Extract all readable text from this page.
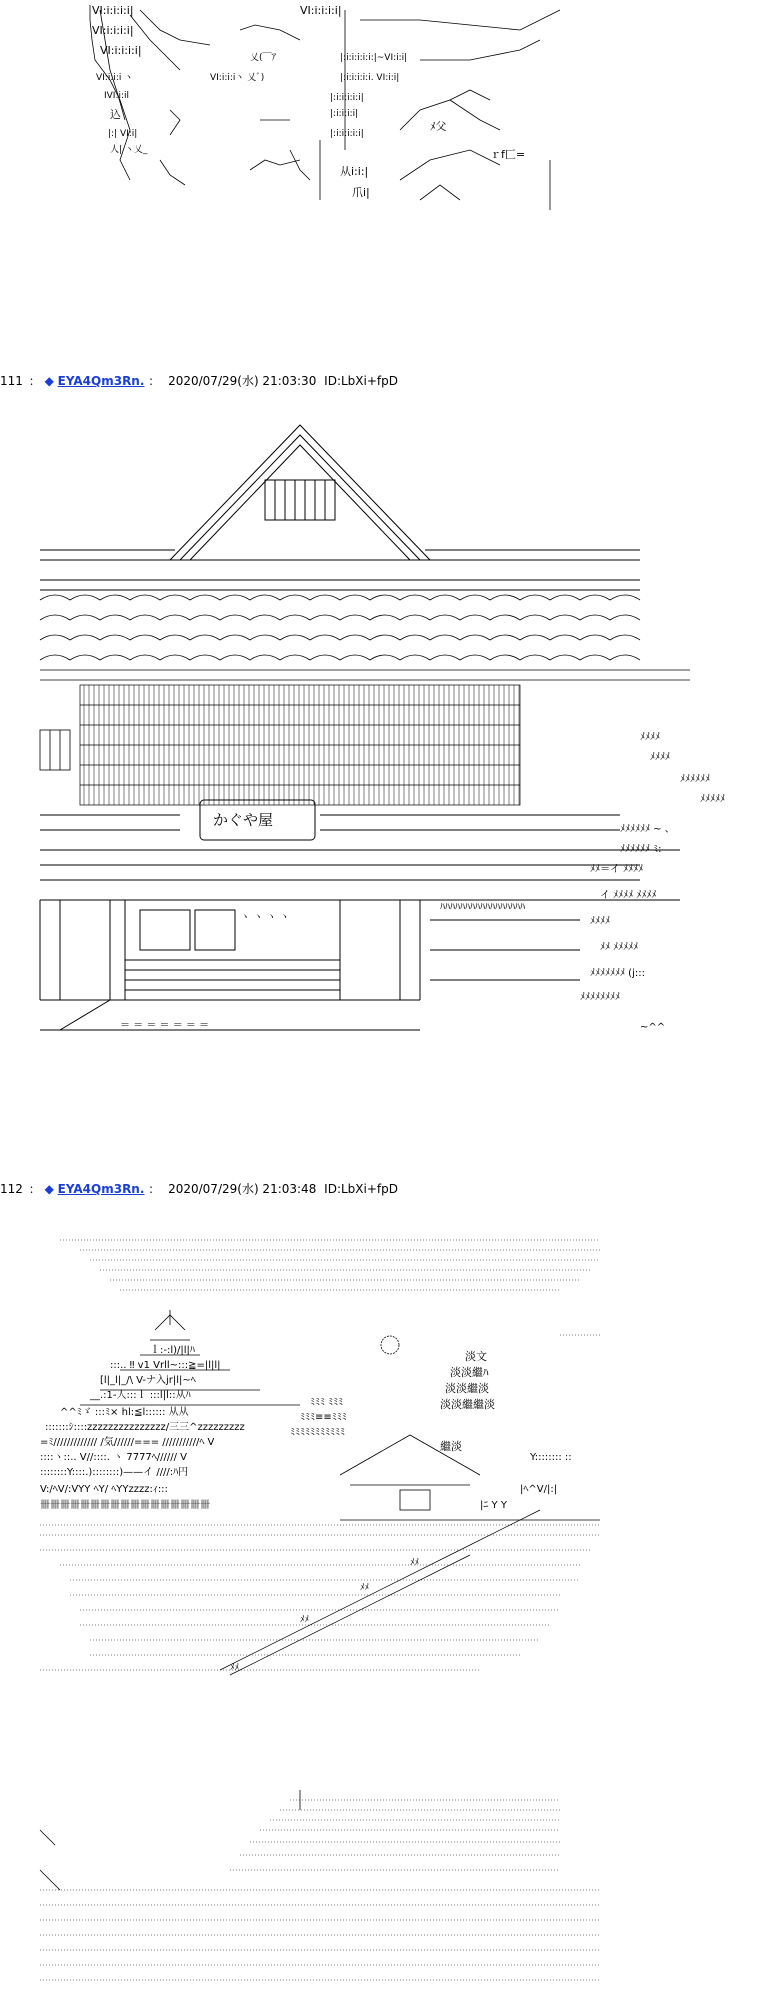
VI:i:i:i:i|
VI:i:i:i:i|
VI:i:i:i:i|
込
从i:i:|
爪i|
ﾒ父
ｒf匚=
VI:i:i:i:i|
VI:i:i:i ヽ
IVI:i:il
|:| VI:i|
人| ヽ乂_
|:i:i:i:i:i|
|:i:i:i:i|
|:i:i:i:i:i|
|:i:i:i:i:i:|~VI:i:i|
|:i:i:i:i:i. VI:i:i|
乂(￣ｱ
VI:i:i:iヽ 乂ﾞ)
111 ： ◆ EYA4Qm3Rn. ： 2020/07/29(水) 21:03:30 ID:LbXi+fpD
ﾒﾒﾒﾒ
ﾒﾒﾒﾒ
ﾒﾒﾒﾒﾒﾒ
ﾒﾒﾒﾒﾒ
ﾒﾒﾒﾒﾒﾒ ~ 、
ﾒﾒﾒﾒﾒﾒ ﾐ:
ﾒﾒ＝イ ﾒﾒﾒﾒ
イ ﾒﾒﾒﾒ ﾒﾒﾒﾒ
ﾒﾒﾒﾒ
ﾒﾒ ﾒﾒﾒﾒﾒ
ﾒﾒﾒﾒﾒﾒﾒ (j:::
ﾒﾒﾒﾒﾒﾒﾒﾒ
~^^
かぐや屋
ﾊﾊﾊﾊﾊﾊﾊﾊﾊﾊﾊﾊﾊﾊﾊﾊﾊ
ヽ ヽ ヽ ヽ
＝ ＝ ＝ ＝ ＝ ＝ ＝
112 ： ◆ EYA4Qm3Rn. ： 2020/07/29(水) 21:03:48 ID:LbXi+fpD
ｌ:-:l)/|l|ﾊ
:::.. ‼ v1 Vrll~:::≧=|l|l|
[l|_l|_/\ V-ナ入jr|l|~ﾍ
__.:1-人:::ｌ :::l|l::从ﾊ
^^ﾐゞ :::ﾐ× hl:≦l:::::: 从从
:::::::ｼ::::zzzzzzzzzzzzzzz/三三^zzzzzzzzz
=ﾐ///////////// /気//////=== ///////////ﾍ V
::::ヽ::.. V//::::. ヽ 7777ﾍ////// V
::::::::Y::::.)::::::::)——イ ////:ﾊ円
V:/ﾍV/:VYY ﾍY/ ﾍYYzzzz:ｨ:::
卌卌卌卌卌卌卌卌卌卌卌卌卌卌卌卌卌
淡文
淡淡繼ﾊ
淡淡繼淡
淡淡繼繼淡
繼淡
ﾐﾐﾐ ﾐﾐﾐ
ﾐﾐﾐ≡≡ﾐﾐﾐ
ﾐﾐﾐﾐﾐﾐﾐﾐﾐﾐﾐ
Y:::::::: ::
|ﾍ^V/|:|
|ﾆ Y Y
ﾒﾒ
ﾒﾒ
ﾒﾒ
ﾒﾒ
